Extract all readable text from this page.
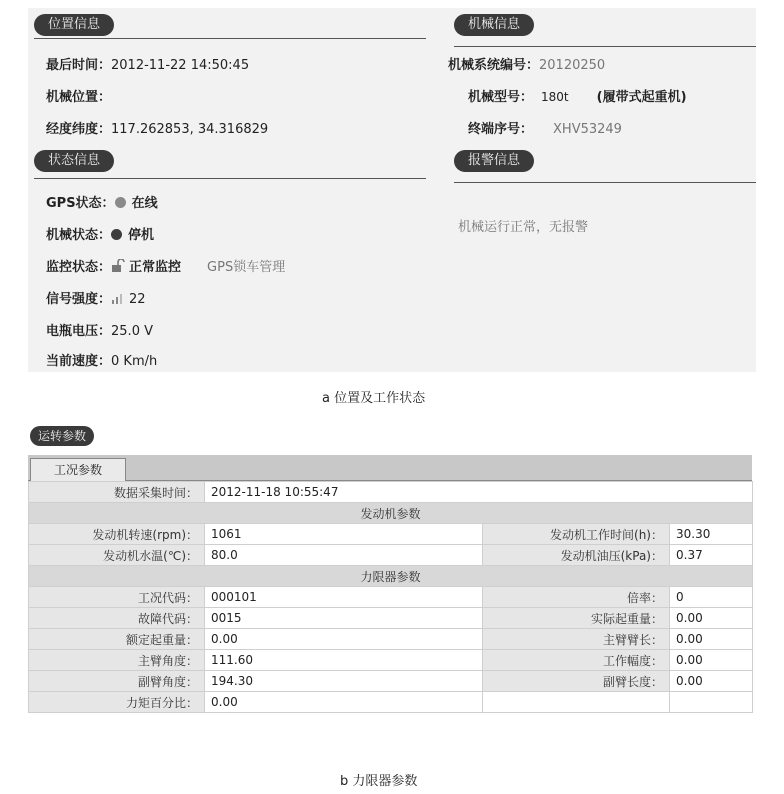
位置信息	机械信息
最后时间：2012-11-22 14:50:45
机械位置：
经度纬度：117.262853, 34.316829
机械系统编号：20120250
机械型号： 180t (履带式起重机)
终端序号： XHV53249
状态信息	报警信息
GPS状态： 在线
机械状态： 停机
监控状态： 正常监控 GPS锁车管理
信号强度： 22
电瓶电压：25.0 V
当前速度：0 Km/h
机械运行正常，无报警
a 位置及工作状态
运转参数
工况参数
数据采集时间：	2012-11-18 10:55:47		
发动机参数			
发动机转速(rpm)：	1061	发动机工作时间(h)：	30.30
发动机水温(℃)：	80.0	发动机油压(kPa)：	0.37
力限器参数			
工况代码：	000101	倍率：	0
故障代码：	0015	实际起重量：	0.00
额定起重量：	0.00	主臂臂长：	0.00
主臂角度：	111.60	工作幅度：	0.00
副臂角度：	194.30	副臂长度：	0.00
力矩百分比：	0.00		
b 力限器参数
